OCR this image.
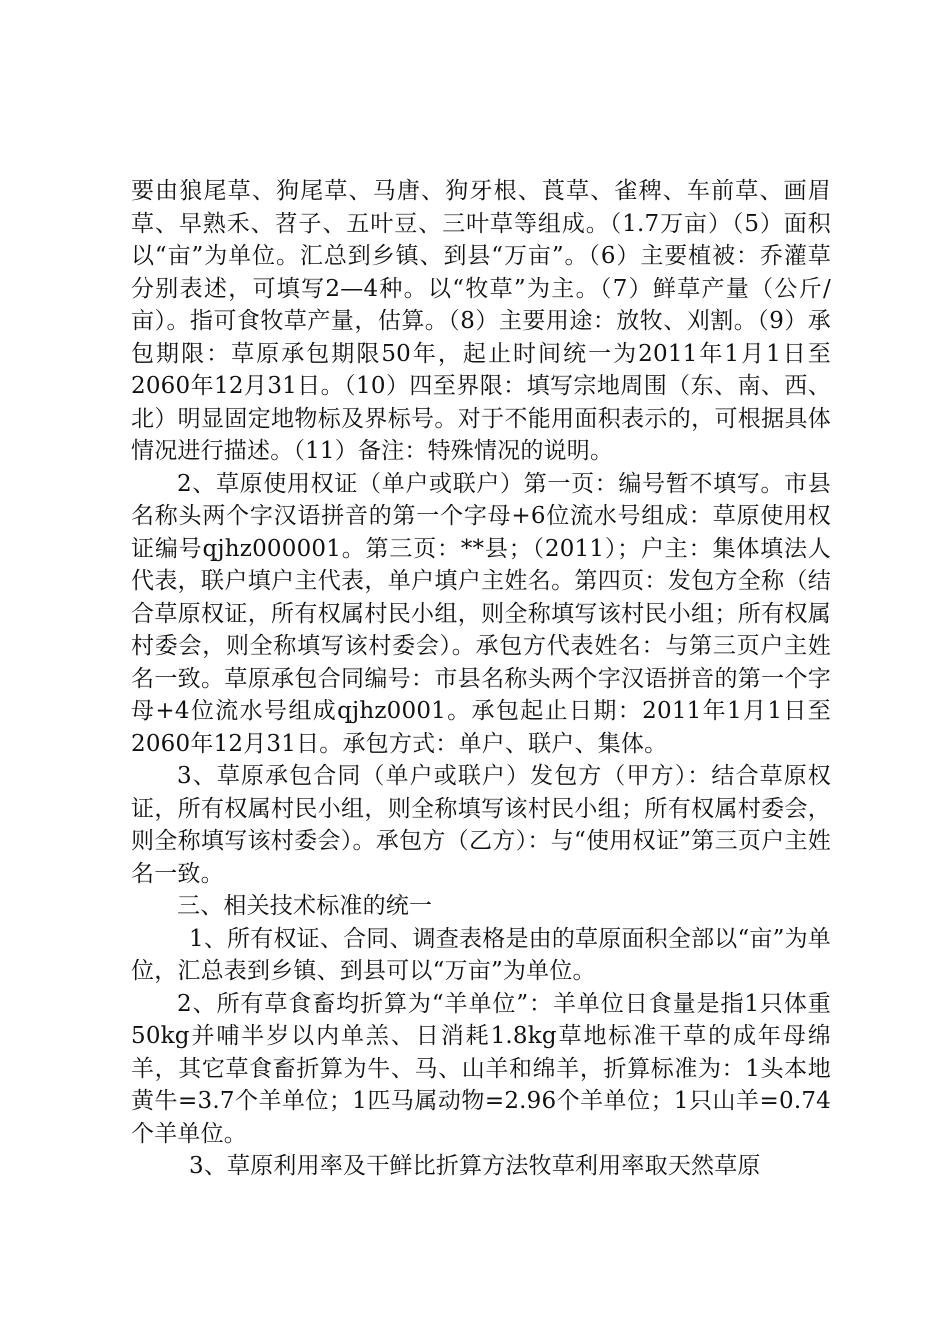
要由狼尾草、狗尾草、马唐、狗牙根、莨草、雀稗、车前草、画眉草、早熟禾、苕子、五叶豆、三叶草等组成。（1.7万亩）（5）面积以“亩”为单位。汇总到乡镇、到县“万亩”。（6）主要植被：乔灌草分别表述，可填写2—4种。以“牧草”为主。（7）鲜草产量（公斤/亩）。指可食牧草产量，估算。（8）主要用途：放牧、刈割。（9）承包期限：草原承包期限50年，起止时间统一为2011年1月1日至2060年12月31日。（10）四至界限：填写宗地周围（东、南、西、北）明显固定地物标及界标号。对于不能用面积表示的，可根据具体情况进行描述。（11）备注：特殊情况的说明。

2、草原使用权证（单户或联户）第一页：编号暂不填写。市县名称头两个字汉语拼音的第一个字母+6位流水号组成：草原使用权证编号qjhz000001。第三页：**县；（2011）；户主：集体填法人代表，联户填户主代表，单户填户主姓名。第四页：发包方全称（结合草原权证，所有权属村民小组，则全称填写该村民小组；所有权属村委会，则全称填写该村委会）。承包方代表姓名：与第三页户主姓名一致。草原承包合同编号：市县名称头两个字汉语拼音的第一个字母+4位流水号组成qjhz0001。承包起止日期：2011年1月1日至2060年12月31日。承包方式：单户、联户、集体。

3、草原承包合同（单户或联户）发包方（甲方）：结合草原权证，所有权属村民小组，则全称填写该村民小组；所有权属村委会，则全称填写该村委会）。承包方（乙方）：与“使用权证”第三页户主姓名一致。

三、相关技术标准的统一

1、所有权证、合同、调查表格是由的草原面积全部以“亩”为单位，汇总表到乡镇、到县可以“万亩”为单位。

2、所有草食畜均折算为“羊单位”：羊单位日食量是指1只体重50kg并哺半岁以内单羔、日消耗1.8kg草地标准干草的成年母绵羊，其它草食畜折算为牛、马、山羊和绵羊，折算标准为：1头本地黄牛=3.7个羊单位；1匹马属动物=2.96个羊单位；1只山羊=0.74个羊单位。

3、草原利用率及干鲜比折算方法牧草利用率取天然草原
